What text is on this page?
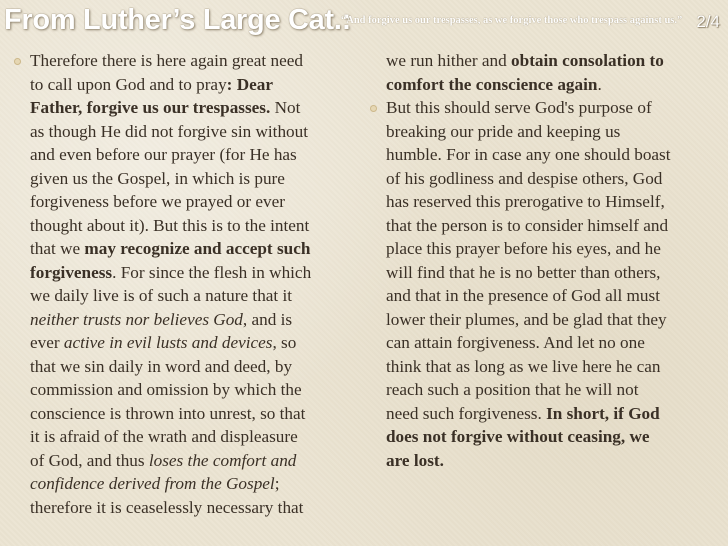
From Luther’s Large Cat.:
“And forgive us our trespasses, as we forgive those who trespass against us.” 2/4

Therefore there is here again great need
to call upon God and to pray: Dear
Father, forgive us our trespasses. Not
as though He did not forgive sin without
and even before our prayer (for He has
given us the Gospel, in which is pure
forgiveness before we prayed or ever
thought about it). But this is to the intent
that we may recognize and accept such
forgiveness. For since the flesh in which
we daily live is of such a nature that it
neither trusts nor believes God, and is
ever active in evil lusts and devices, so
that we sin daily in word and deed, by
commission and omission by which the
conscience is thrown into unrest, so that
it is afraid of the wrath and displeasure
of God, and thus loses the comfort and
confidence derived from the Gospel;
therefore it is ceaselessly necessary that

we run hither and obtain consolation to
comfort the conscience again.

But this should serve God's purpose of
breaking our pride and keeping us
humble. For in case any one should boast
of his godliness and despise others, God
has reserved this prerogative to Himself,
that the person is to consider himself and
place this prayer before his eyes, and he
will find that he is no better than others,
and that in the presence of God all must
lower their plumes, and be glad that they
can attain forgiveness. And let no one
think that as long as we live here he can
reach such a position that he will not
need such forgiveness. In short, if God
does not forgive without ceasing, we
are lost.
